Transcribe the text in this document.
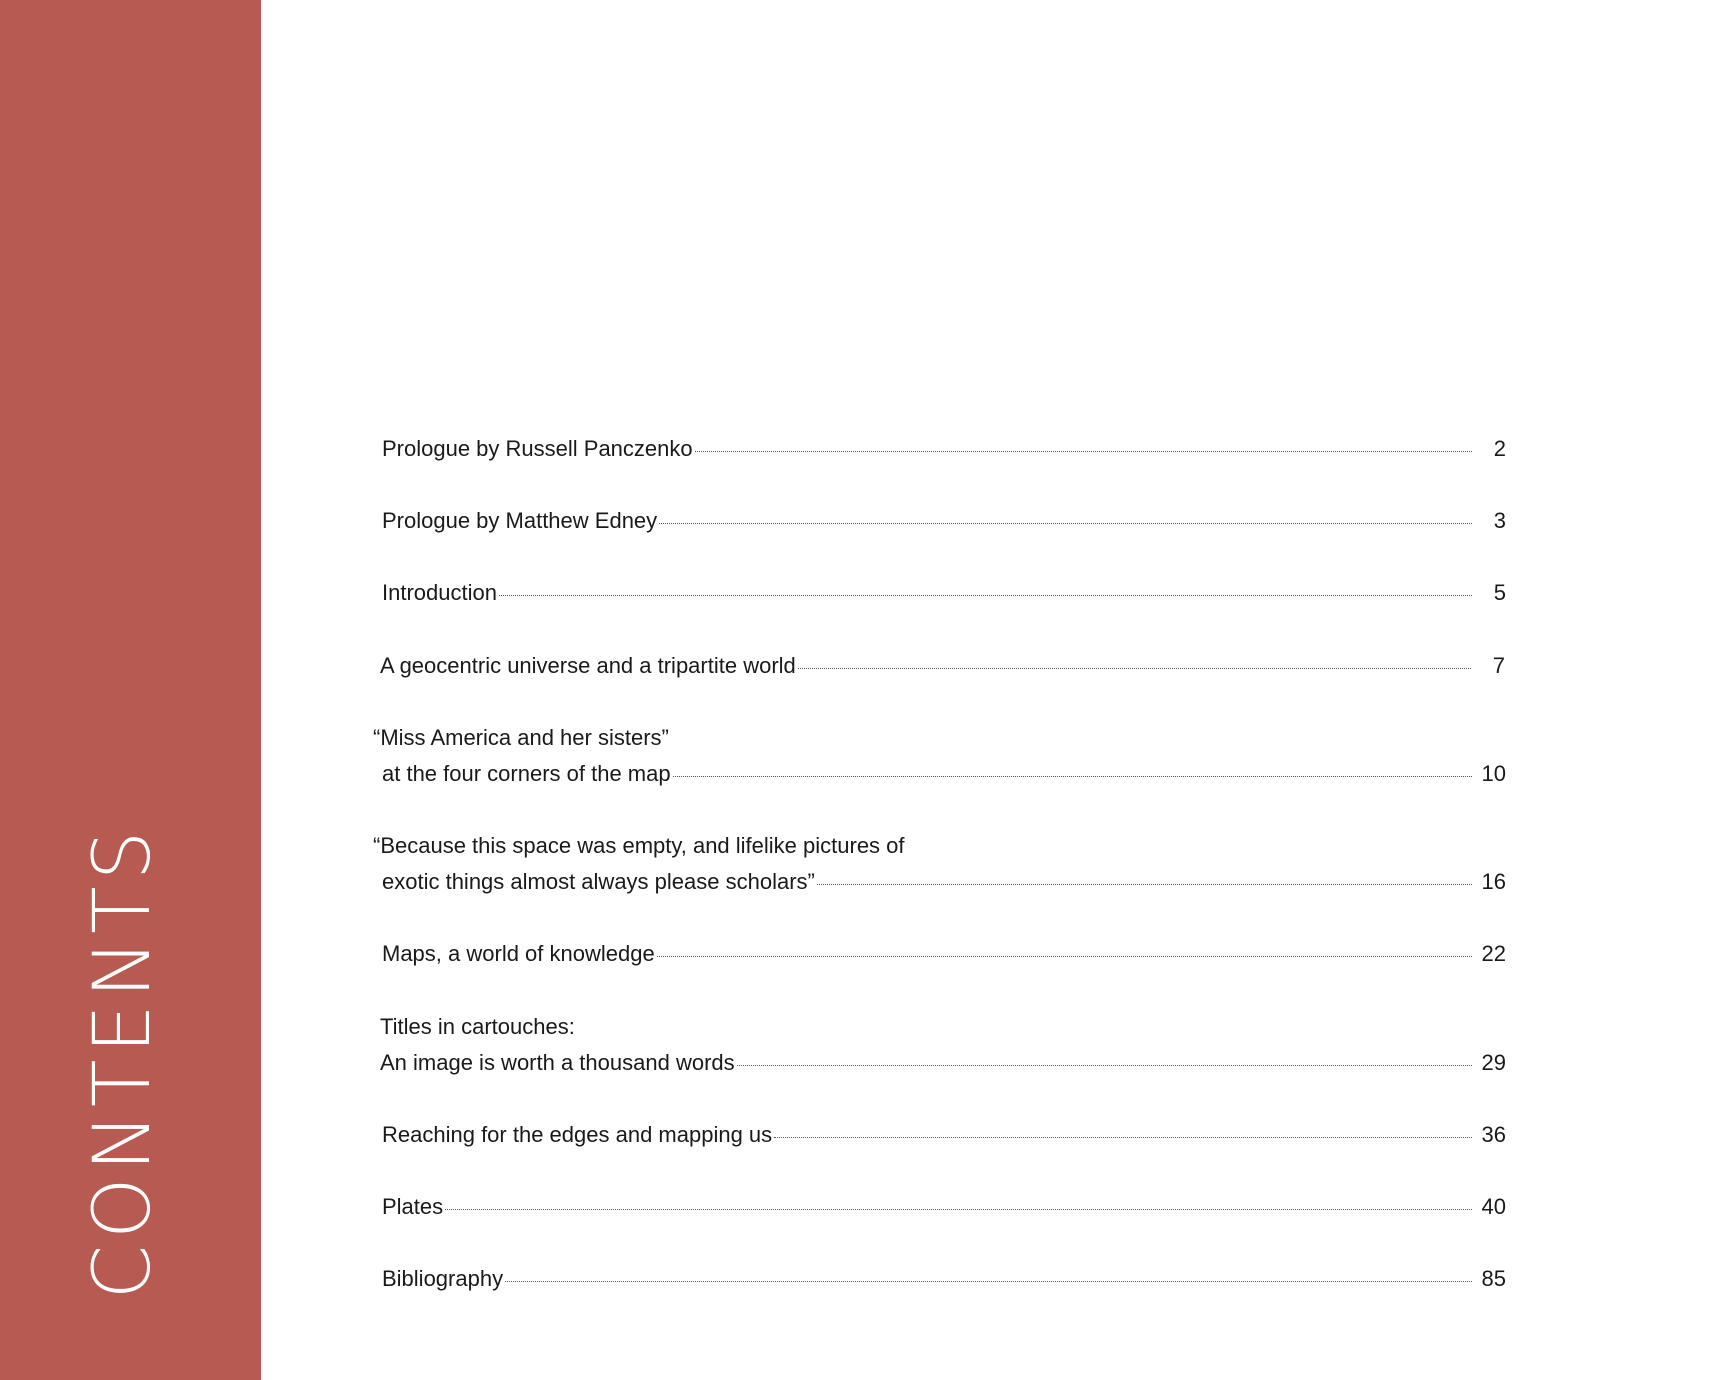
CONTENTS
Prologue by Russell Panczenko	2
Prologue by Matthew Edney	3
Introduction	5
A geocentric universe and a tripartite world	7
“Miss America and her sisters”
at the four corners of the map	10
“Because this space was empty, and lifelike pictures of
exotic things almost always please scholars”	16
Maps, a world of knowledge	22
Titles in cartouches:
An image is worth a thousand words	29
Reaching for the edges and mapping us	36
Plates	40
Bibliography	85
